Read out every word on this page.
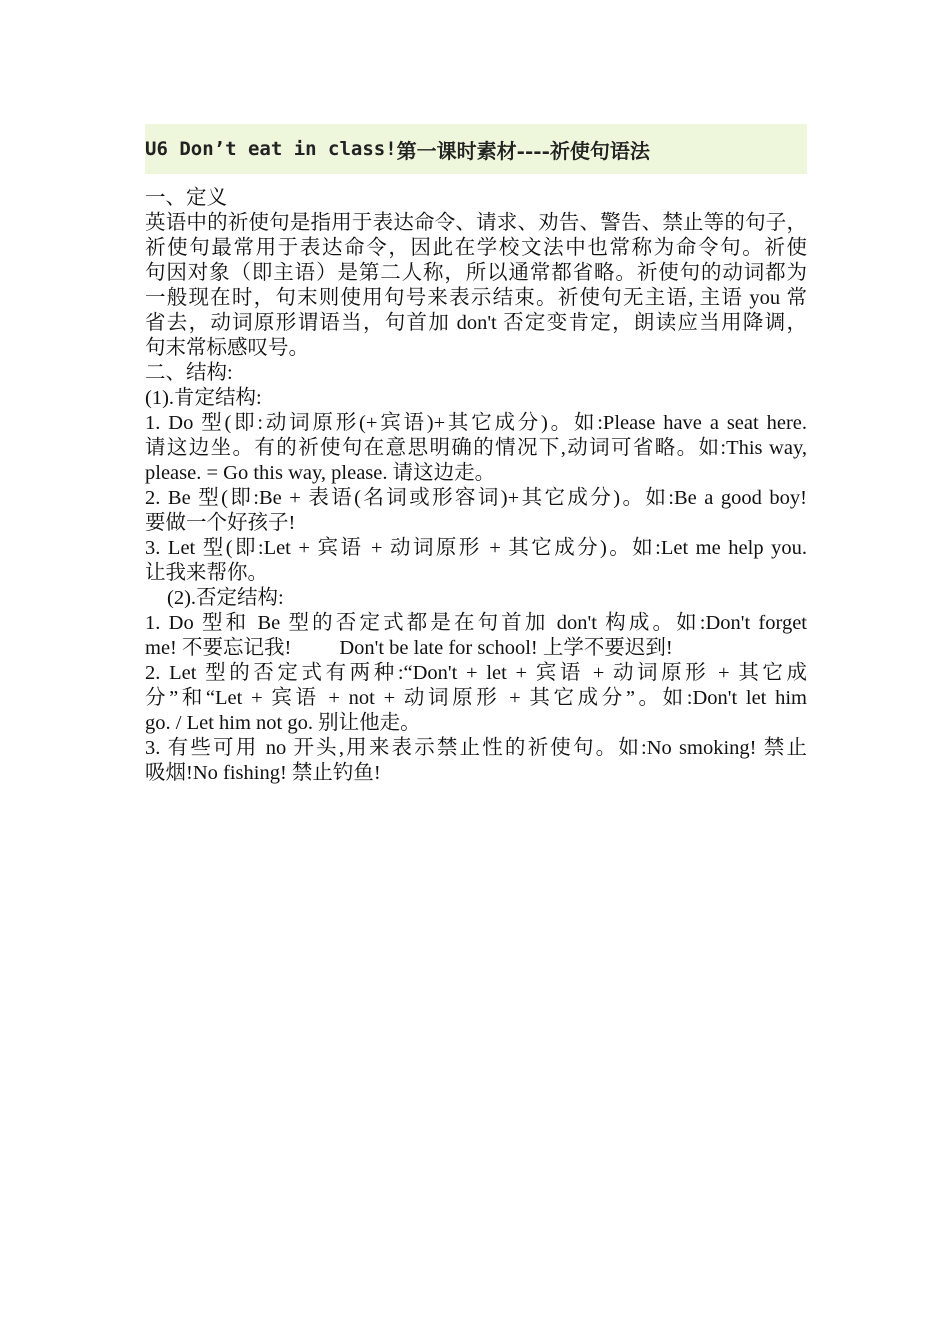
U6 Don’t eat in class! 第一课时素材----祈使句语法
一、定义
英语中的祈使句是指用于表达命令、请求、劝告、警告、禁止等的句子，
祈使句最常用于表达命令，因此在学校文法中也常称为命令句。祈使
句因对象（即主语）是第二人称，所以通常都省略。祈使句的动词都为
一般现在时，句末则使用句号来表示结束。祈使句无主语, 主语 you 常
省去，动词原形谓语当，句首加 don't 否定变肯定，朗读应当用降调，
句末常标感叹号。
二、结构:
(1).肯定结构:
1. Do 型(即:动词原形(+宾语)+其它成分)。如:Please have a seat here.
请这边坐。有的祈使句在意思明确的情况下,动词可省略。如:This way,
please. = Go this way, please. 请这边走。
2. Be 型(即:Be + 表语(名词或形容词)+其它成分)。如:Be a good boy!
要做一个好孩子!
3. Let 型(即:Let + 宾语 + 动词原形 + 其它成分)。如:Let me help you.
让我来帮你。
(2).否定结构:
1. Do 型和 Be 型的否定式都是在句首加 don't 构成。如:Don't forget
me! 不要忘记我! Don't be late for school! 上学不要迟到!
2. Let 型的否定式有两种:“Don't + let + 宾语 + 动词原形 + 其它成
分”和“Let + 宾语 + not + 动词原形 + 其它成分”。如:Don't let him
go. / Let him not go. 别让他走。
3. 有些可用 no 开头,用来表示禁止性的祈使句。如:No smoking! 禁止
吸烟!No fishing! 禁止钓鱼!
